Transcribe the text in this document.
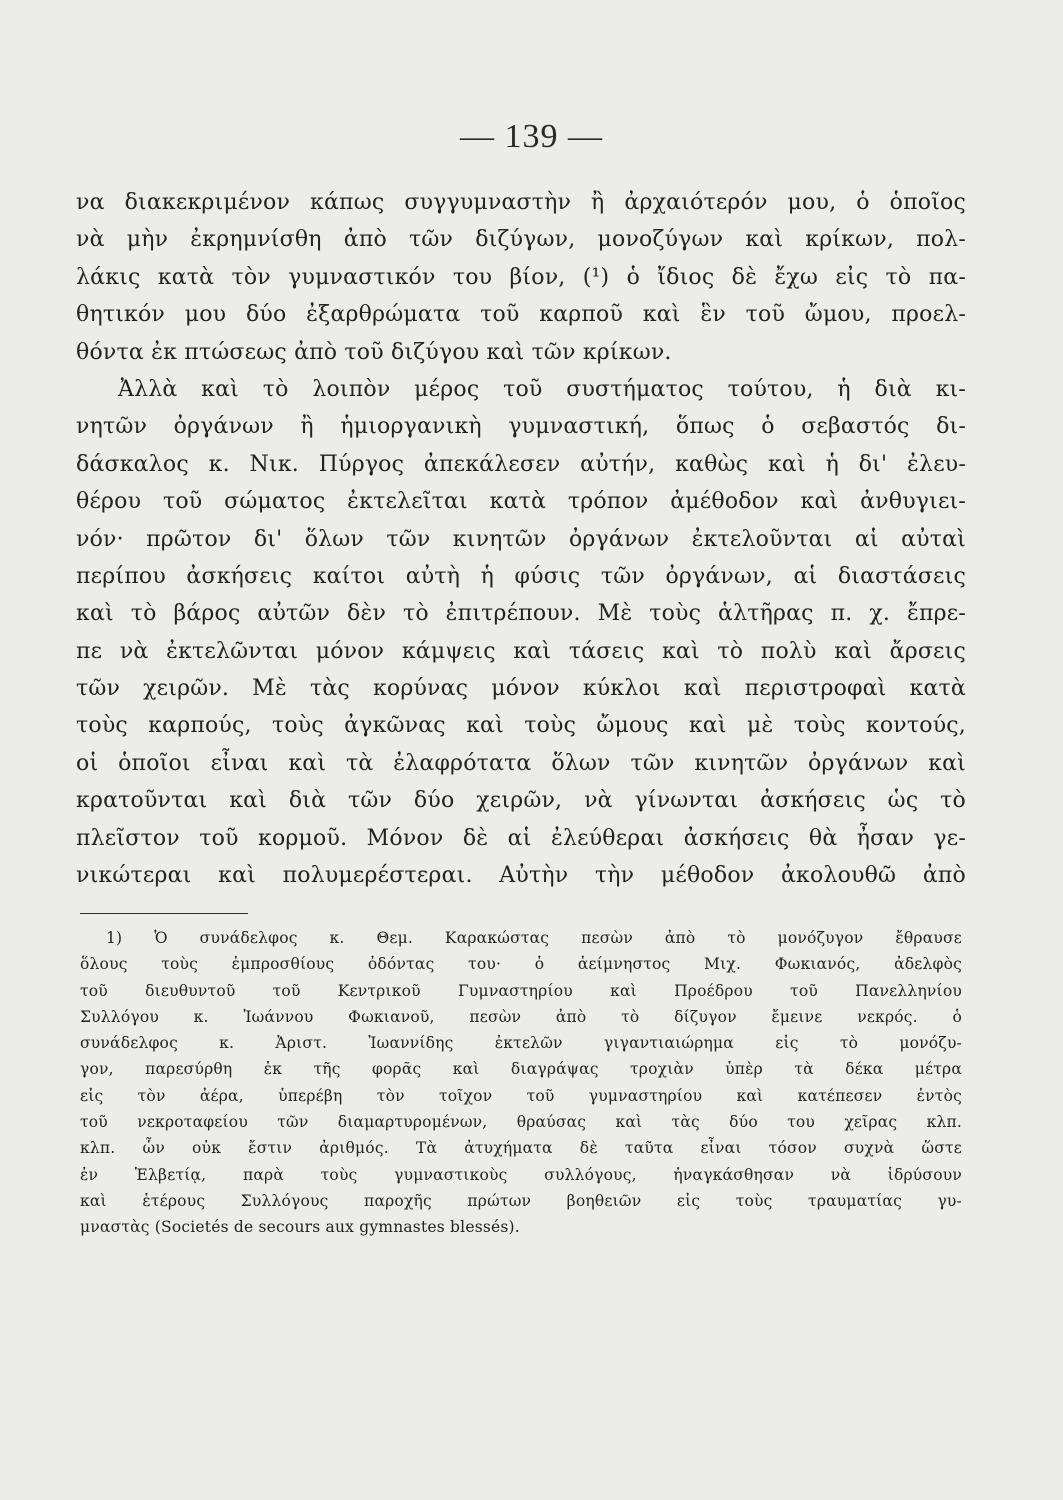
— 139 —
να διακεκριμένον κάπως συγγυμναστὴν ἢ ἀρχαιότερόν μου, ὁ ὁποῖος
νὰ μὴν ἐκρημνίσθη ἀπὸ τῶν διζύγων, μονοζύγων καὶ κρίκων, πολ-
λάκις κατὰ τὸν γυμναστικόν του βίον, (¹) ὁ ἴδιος δὲ ἔχω εἰς τὸ πα-
θητικόν μου δύο ἐξαρθρώματα τοῦ καρποῦ καὶ ἓν τοῦ ὤμου, προελ-
θόντα ἐκ πτώσεως ἀπὸ τοῦ διζύγου καὶ τῶν κρίκων.
Ἀλλὰ καὶ τὸ λοιπὸν μέρος τοῦ συστήματος τούτου, ἡ διὰ κι-
νητῶν ὀργάνων ἢ ἡμιοργανικὴ γυμναστική, ὅπως ὁ σεβαστός δι-
δάσκαλος κ. Νικ. Πύργος ἀπεκάλεσεν αὐτήν, καθὼς καὶ ἡ δι' ἐλευ-
θέρου τοῦ σώματος ἐκτελεῖται κατὰ τρόπον ἀμέθοδον καὶ ἀνθυγιει-
νόν· πρῶτον δι' ὅλων τῶν κινητῶν ὀργάνων ἐκτελοῦνται αἱ αὐταὶ
περίπου ἀσκήσεις καίτοι αὐτὴ ἡ φύσις τῶν ὀργάνων, αἱ διαστάσεις
καὶ τὸ βάρος αὐτῶν δὲν τὸ ἐπιτρέπουν. Μὲ τοὺς ἁλτῆρας π. χ. ἔπρε-
πε νὰ ἐκτελῶνται μόνον κάμψεις καὶ τάσεις καὶ τὸ πολὺ καὶ ἄρσεις
τῶν χειρῶν. Μὲ τὰς κορύνας μόνον κύκλοι καὶ περιστροφαὶ κατὰ
τοὺς καρπούς, τοὺς ἀγκῶνας καὶ τοὺς ὤμους καὶ μὲ τοὺς κοντούς,
οἱ ὁποῖοι εἶναι καὶ τὰ ἐλαφρότατα ὅλων τῶν κινητῶν ὀργάνων καὶ
κρατοῦνται καὶ διὰ τῶν δύο χειρῶν, νὰ γίνωνται ἀσκήσεις ὡς τὸ
πλεῖστον τοῦ κορμοῦ. Μόνον δὲ αἱ ἐλεύθεραι ἀσκήσεις θὰ ἦσαν γε-
νικώτεραι καὶ πολυμερέστεραι. Αὐτὴν τὴν μέθοδον ἀκολουθῶ ἀπὸ
1) Ὁ συνάδελφος κ. Θεμ. Καρακώστας πεσὼν ἀπὸ τὸ μονόζυγον ἔθραυσε
ὅλους τοὺς ἐμπροσθίους ὀδόντας του· ὁ ἀείμνηστος Μιχ. Φωκιανός, ἀδελφὸς
τοῦ διευθυντοῦ τοῦ Κεντρικοῦ Γυμναστηρίου καὶ Προέδρου τοῦ Πανελληνίου
Συλλόγου κ. Ἰωάννου Φωκιανοῦ, πεσὼν ἀπὸ τὸ δίζυγον ἔμεινε νεκρός. ὁ
συνάδελφος κ. Ἀριστ. Ἰωαννίδης ἐκτελῶν γιγαντιαιώρημα εἰς τὸ μονόζυ-
γον, παρεσύρθη ἐκ τῆς φορᾶς καὶ διαγράψας τροχιὰν ὑπὲρ τὰ δέκα μέτρα
εἰς τὸν ἀέρα, ὑπερέβη τὸν τοῖχον τοῦ γυμναστηρίου καὶ κατέπεσεν ἐντὸς
τοῦ νεκροταφείου τῶν διαμαρτυρομένων, θραύσας καὶ τὰς δύο του χεῖρας κλπ.
κλπ. ὧν οὐκ ἔστιν ἀριθμός. Τὰ ἀτυχήματα δὲ ταῦτα εἶναι τόσον συχνὰ ὥστε
ἐν Ἑλβετίᾳ, παρὰ τοὺς γυμναστικοὺς συλλόγους, ἠναγκάσθησαν νὰ ἱδρύσουν
καὶ ἑτέρους Συλλόγους παροχῆς πρώτων βοηθειῶν εἰς τοὺς τραυματίας γυ-
μναστὰς (Societés de secours aux gymnastes blessés).
